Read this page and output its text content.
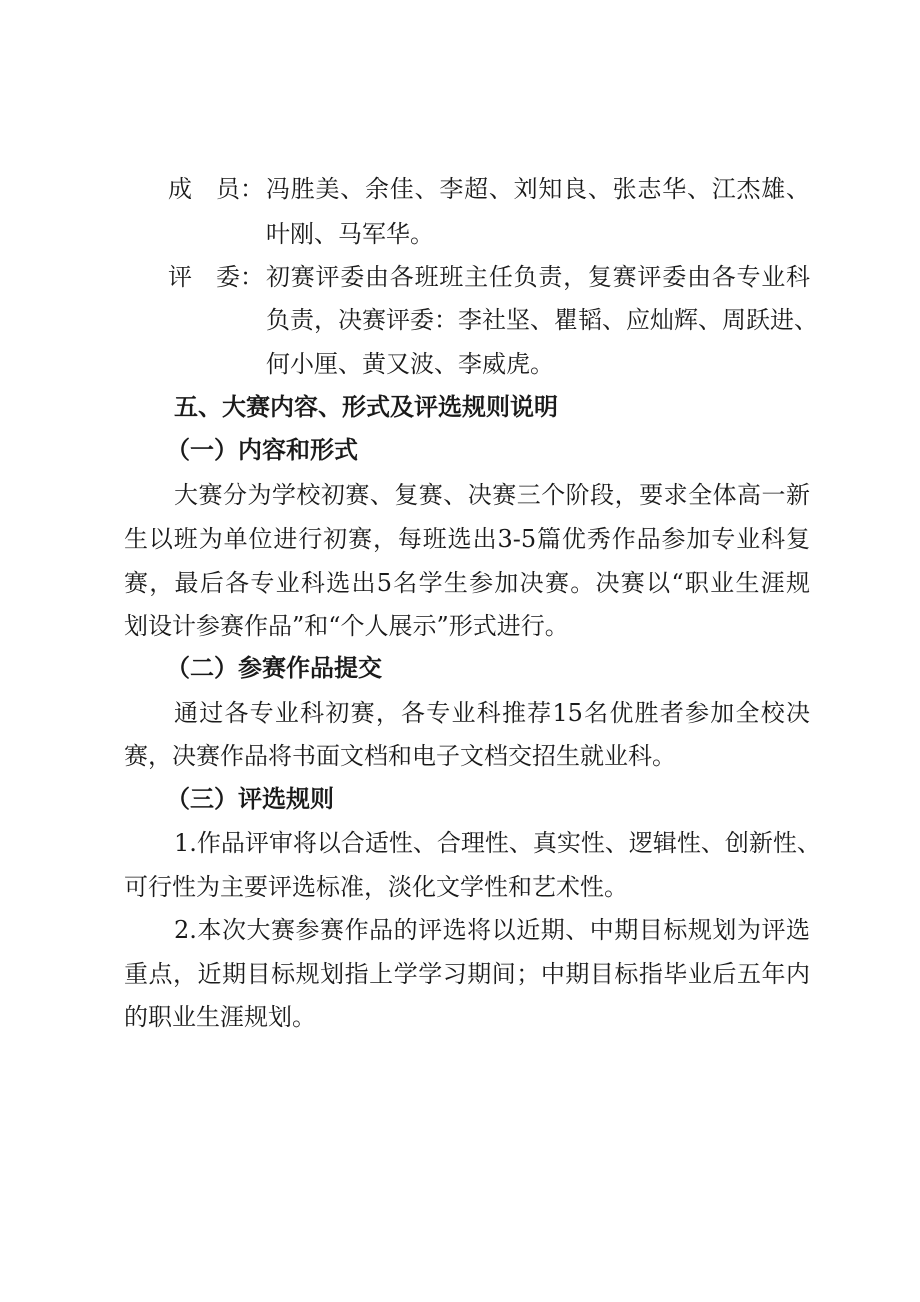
成　员： 冯胜美、余佳、李超、刘知良、张志华、江杰雄、
叶刚、马军华。
评　委： 初赛评委由各班班主任负责，复赛评委由各专业科
负责，决赛评委：李社坚、瞿韬、应灿辉、周跃进、
何小厘、黄又波、李威虎。
五、大赛内容、形式及评选规则说明
（一）内容和形式
大赛分为学校初赛、复赛、决赛三个阶段，要求全体高一新
生以班为单位进行初赛，每班选出3-5篇优秀作品参加专业科复
赛，最后各专业科选出5名学生参加决赛。决赛以“职业生涯规
划设计参赛作品”和“个人展示”形式进行。
（二）参赛作品提交
通过各专业科初赛，各专业科推荐15名优胜者参加全校决
赛，决赛作品将书面文档和电子文档交招生就业科。
（三）评选规则
1.作品评审将以合适性、合理性、真实性、逻辑性、创新性、
可行性为主要评选标准，淡化文学性和艺术性。
2.本次大赛参赛作品的评选将以近期、中期目标规划为评选
重点，近期目标规划指上学学习期间；中期目标指毕业后五年内
的职业生涯规划。
